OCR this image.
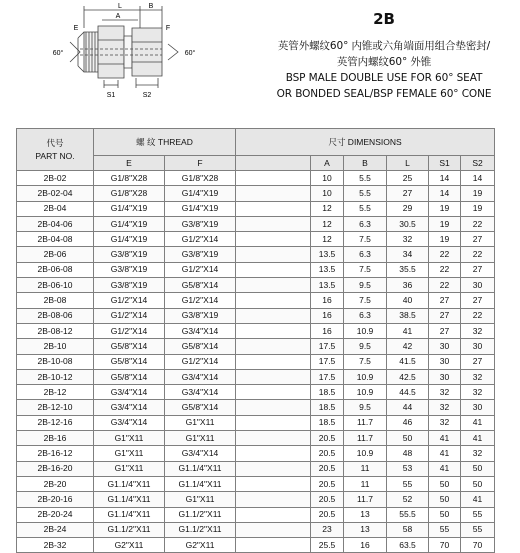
L	B
A
E	F
60°	60°
S1	S2
2B
英管外螺纹60° 内锥或六角端面用组合垫密封/
英管内螺纹60° 外锥
BSP MALE DOUBLE USE FOR 60° SEAT
OR BONDED SEAL/BSP FEMALE 60° CONE
代号
PART NO.	螺 纹 THREAD		尺寸 DIMENSIONS					
	E	F		A	B	L	S1	S2
2B-02	G1/8"X28	G1/8"X28		10	5.5	25	14	14
2B-02-04	G1/8"X28	G1/4"X19		10	5.5	27	14	19
2B-04	G1/4"X19	G1/4"X19		12	5.5	29	19	19
2B-04-06	G1/4"X19	G3/8"X19		12	6.3	30.5	19	22
2B-04-08	G1/4"X19	G1/2"X14		12	7.5	32	19	27
2B-06	G3/8"X19	G3/8"X19		13.5	6.3	34	22	22
2B-06-08	G3/8"X19	G1/2"X14		13.5	7.5	35.5	22	27
2B-06-10	G3/8"X19	G5/8"X14		13.5	9.5	36	22	30
2B-08	G1/2"X14	G1/2"X14		16	7.5	40	27	27
2B-08-06	G1/2"X14	G3/8"X19		16	6.3	38.5	27	22
2B-08-12	G1/2"X14	G3/4"X14		16	10.9	41	27	32
2B-10	G5/8"X14	G5/8"X14		17.5	9.5	42	30	30
2B-10-08	G5/8"X14	G1/2"X14		17.5	7.5	41.5	30	27
2B-10-12	G5/8"X14	G3/4"X14		17.5	10.9	42.5	30	32
2B-12	G3/4"X14	G3/4"X14		18.5	10.9	44.5	32	32
2B-12-10	G3/4"X14	G5/8"X14		18.5	9.5	44	32	30
2B-12-16	G3/4"X14	G1"X11		18.5	11.7	46	32	41
2B-16	G1"X11	G1"X11		20.5	11.7	50	41	41
2B-16-12	G1"X11	G3/4"X14		20.5	10.9	48	41	32
2B-16-20	G1"X11	G1.1/4"X11		20.5	11	53	41	50
2B-20	G1.1/4"X11	G1.1/4"X11		20.5	11	55	50	50
2B-20-16	G1.1/4"X11	G1"X11		20.5	11.7	52	50	41
2B-20-24	G1.1/4"X11	G1.1/2"X11		20.5	13	55.5	50	55
2B-24	G1.1/2"X11	G1.1/2"X11		23	13	58	55	55
2B-32	G2"X11	G2"X11		25.5	16	63.5	70	70
